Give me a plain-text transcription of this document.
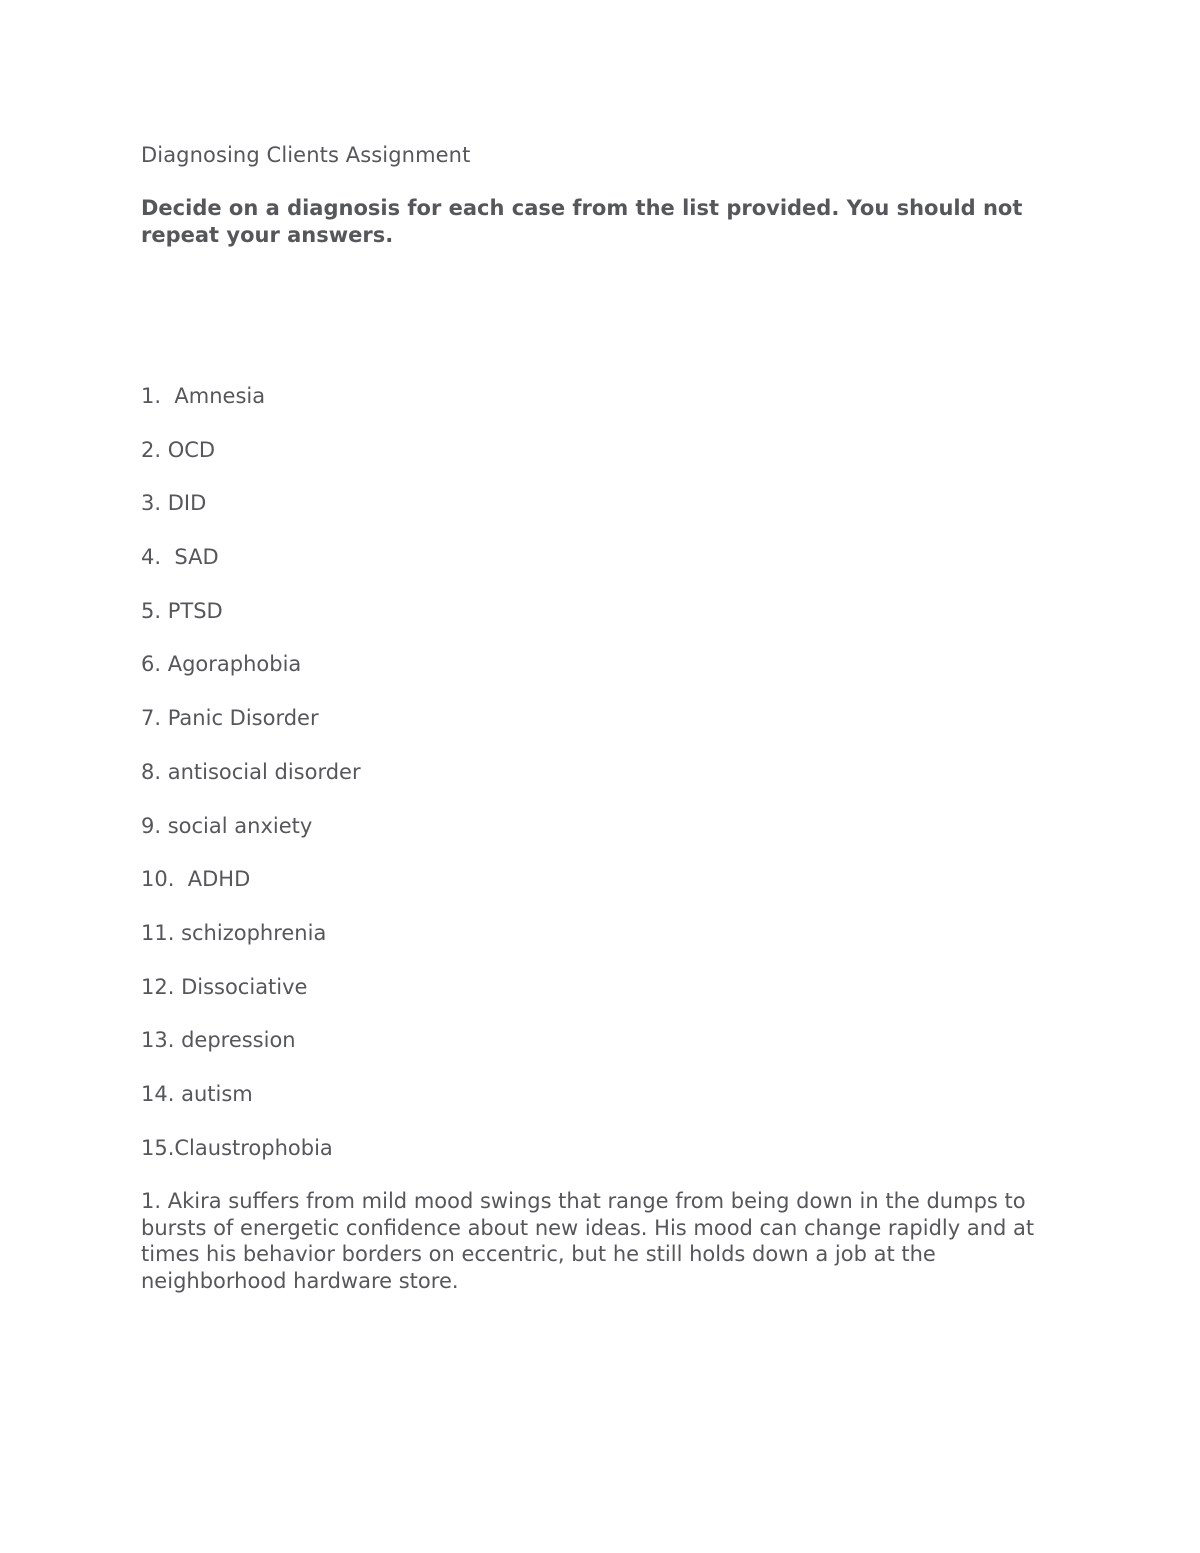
Diagnosing Clients Assignment

Decide on a diagnosis for each case from the list provided. You should not repeat your answers.

1.  Amnesia
2. OCD
3. DID
4.  SAD
5. PTSD
6. Agoraphobia
7. Panic Disorder
8. antisocial disorder
9. social anxiety
10.  ADHD
11. schizophrenia
12. Dissociative
13. depression
14. autism
15.Claustrophobia

1. Akira suffers from mild mood swings that range from being down in the dumps to bursts of energetic confidence about new ideas. His mood can change rapidly and at times his behavior borders on eccentric, but he still holds down a job at the neighborhood hardware store.
